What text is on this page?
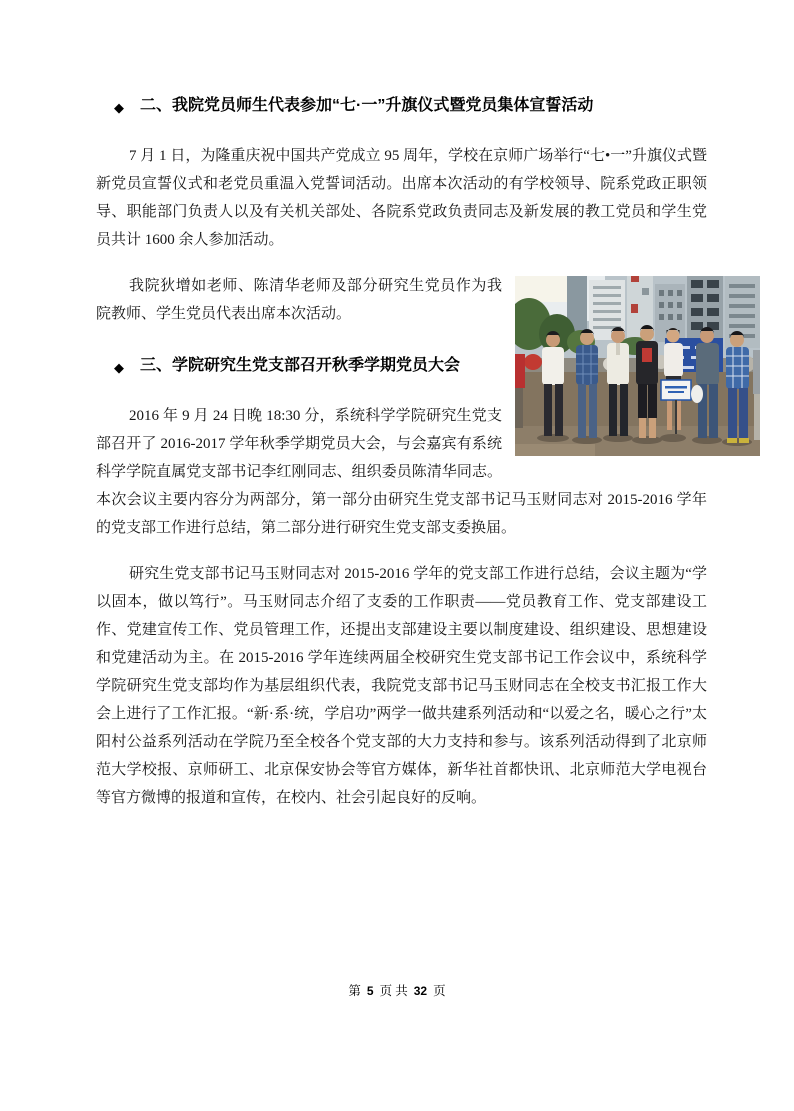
◆ 二、我院党员师生代表参加“七·一”升旗仪式暨党员集体宣誓活动

7 月 1 日，为隆重庆祝中国共产党成立 95 周年，学校在京师广场举行“七•一”升旗仪式暨新党员宣誓仪式和老党员重温入党誓词活动。出席本次活动的有学校领导、院系党政正职领导、职能部门负责人以及有关机关部处、各院系党政负责同志及新发展的教工党员和学生党员共计 1600 余人参加活动。

我院狄增如老师、陈清华老师及部分研究生党员作为我院教师、学生党员代表出席本次活动。

◆ 三、学院研究生党支部召开秋季学期党员大会

2016 年 9 月 24 日晚 18:30 分，系统科学学院研究生党支部召开了 2016-2017 学年秋季学期党员大会，与会嘉宾有系统科学学院直属党支部书记李红刚同志、组织委员陈清华同志。本次会议主要内容分为两部分，第一部分由研究生党支部书记马玉财同志对 2015-2016 学年的党支部工作进行总结，第二部分进行研究生党支部支委换届。

研究生党支部书记马玉财同志对 2015-2016 学年的党支部工作进行总结，会议主题为“学以固本，做以笃行”。马玉财同志介绍了支委的工作职责——党员教育工作、党支部建设工作、党建宣传工作、党员管理工作，还提出支部建设主要以制度建设、组织建设、思想建设和党建活动为主。在 2015-2016 学年连续两届全校研究生党支部书记工作会议中，系统科学学院研究生党支部均作为基层组织代表，我院党支部书记马玉财同志在全校支书汇报工作大会上进行了工作汇报。“新·系·统，学启功”两学一做共建系列活动和“以爱之名，暖心之行”太阳村公益系列活动在学院乃至全校各个党支部的大力支持和参与。该系列活动得到了北京师范大学校报、京师研工、北京保安协会等官方媒体，新华社首都快讯、北京师范大学电视台等官方微博的报道和宣传，在校内、社会引起良好的反响。

第 5 页 共 32 页
